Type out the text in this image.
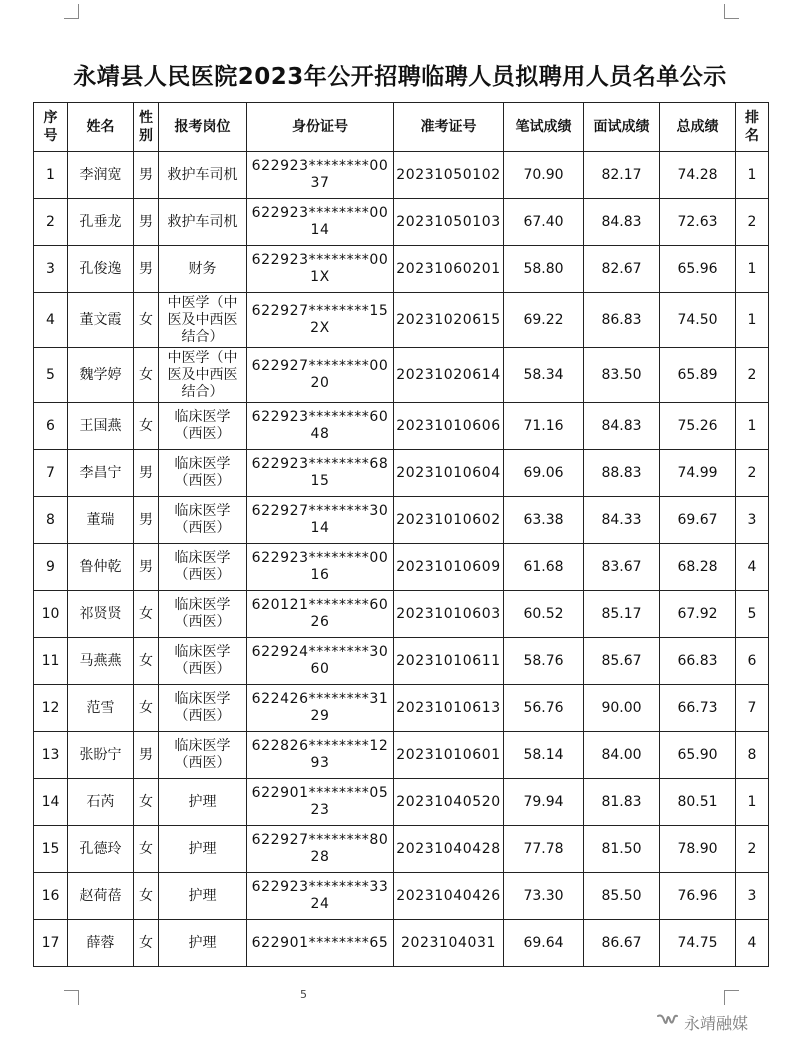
永靖县人民医院2023年公开招聘临聘人员拟聘用人员名单公示
序号	姓名	性别	报考岗位	身份证号	准考证号	笔试成绩	面试成绩	总成绩	排名

1	李润宽	男	救护车司机	622923********0037	20231050102	70.90	82.17	74.28	1

2	孔垂龙	男	救护车司机	622923********0014	20231050103	67.40	84.83	72.63	2

3	孔俊逸	男	财务	622923********001X	20231060201	58.80	82.67	65.96	1

4	董文霞	女	中医学（中医及中西医结合）	622927********152X	20231020615	69.22	86.83	74.50	1

5	魏学婷	女	中医学（中医及中西医结合）	622927********0020	20231020614	58.34	83.50	65.89	2

6	王国燕	女	临床医学（西医）	622923********6048	20231010606	71.16	84.83	75.26	1

7	李昌宁	男	临床医学（西医）	622923********6815	20231010604	69.06	88.83	74.99	2

8	董瑞	男	临床医学（西医）	622927********3014	20231010602	63.38	84.33	69.67	3

9	鲁仲乾	男	临床医学（西医）	622923********0016	20231010609	61.68	83.67	68.28	4

10	祁贤贤	女	临床医学（西医）	620121********6026	20231010603	60.52	85.17	67.92	5

11	马燕燕	女	临床医学（西医）	622924********3060	20231010611	58.76	85.67	66.83	6

12	范雪	女	临床医学（西医）	622426********3129	20231010613	56.76	90.00	66.73	7

13	张盼宁	男	临床医学（西医）	622826********1293	20231010601	58.14	84.00	65.90	8

14	石芮	女	护理	622901********0523	20231040520	79.94	81.83	80.51	1

15	孔德玲	女	护理	622927********8028	20231040428	77.78	81.50	78.90	2

16	赵荷蓓	女	护理	622923********3324	20231040426	73.30	85.50	76.96	3

17	薛蓉	女	护理	622901********65	2023104031	69.64	86.67	74.75	4
5
永靖融媒
